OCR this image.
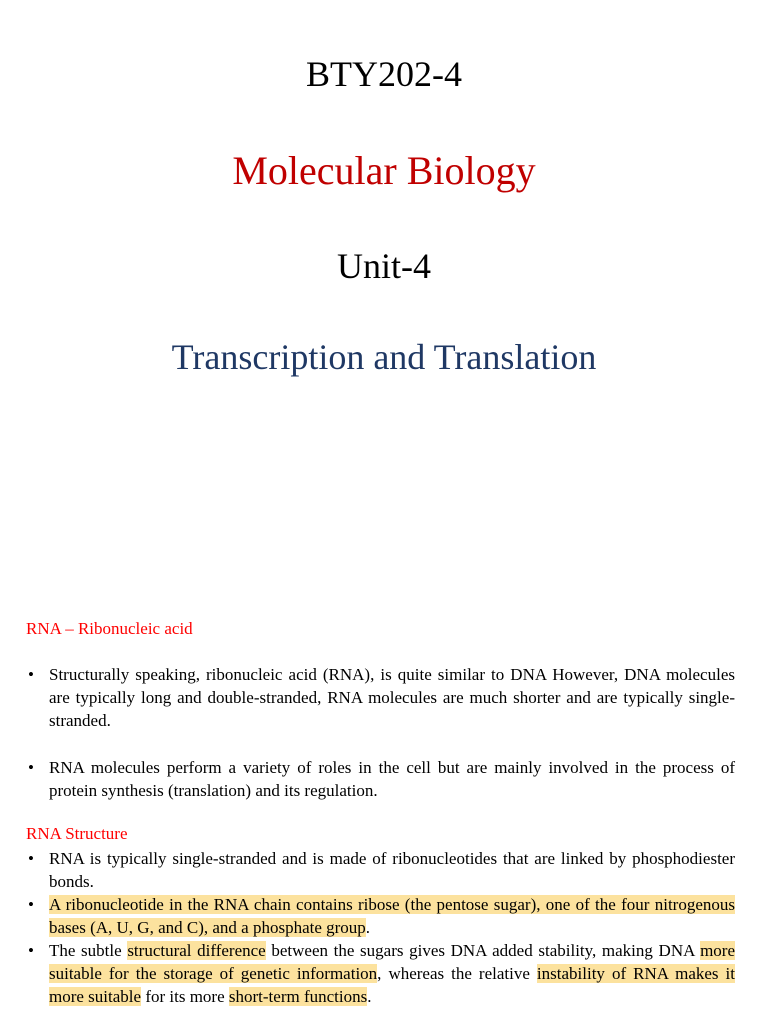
BTY202-4
Molecular Biology
Unit-4
Transcription and Translation
RNA – Ribonucleic acid
• Structurally speaking, ribonucleic acid (RNA), is quite similar to DNA However, DNA molecules are typically long and double-stranded, RNA molecules are much shorter and are typically single-stranded.
• RNA molecules perform a variety of roles in the cell but are mainly involved in the process of protein synthesis (translation) and its regulation.
RNA Structure
• RNA is typically single-stranded and is made of ribonucleotides that are linked by phosphodiester bonds.
• A ribonucleotide in the RNA chain contains ribose (the pentose sugar), one of the four nitrogenous bases (A, U, G, and C), and a phosphate group.
• The subtle structural difference between the sugars gives DNA added stability, making DNA more suitable for the storage of genetic information, whereas the relative instability of RNA makes it more suitable for its more short-term functions.
